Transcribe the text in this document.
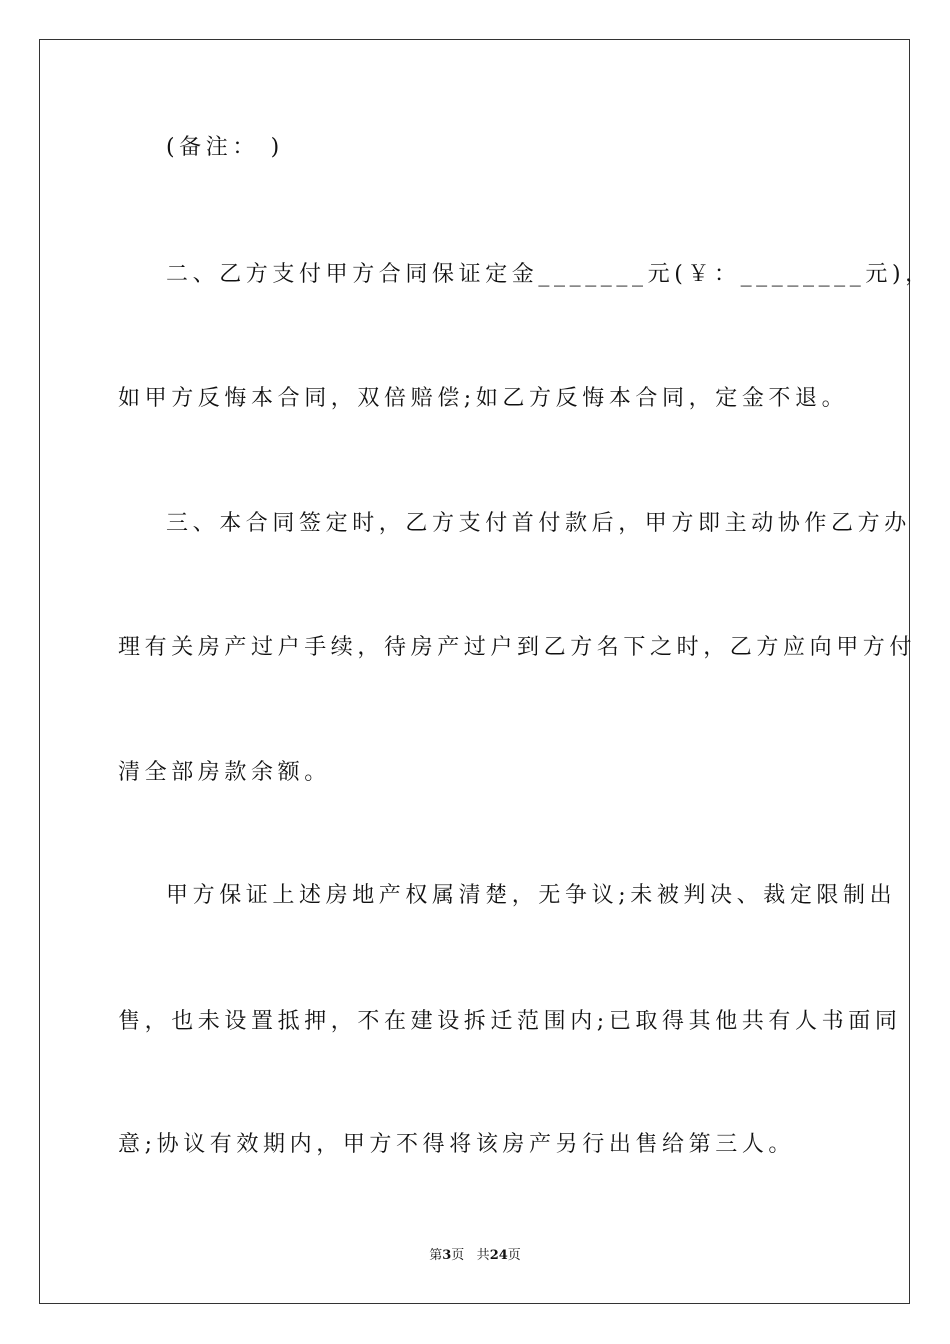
(备注： )
二、乙方支付甲方合同保证定金_______元(￥：________元)，
如甲方反悔本合同，双倍赔偿;如乙方反悔本合同，定金不退。
三、本合同签定时，乙方支付首付款后，甲方即主动协作乙方办
理有关房产过户手续，待房产过户到乙方名下之时，乙方应向甲方付
清全部房款余额。
甲方保证上述房地产权属清楚，无争议;未被判决、裁定限制出
售，也未设置抵押，不在建设拆迁范围内;已取得其他共有人书面同
意;协议有效期内，甲方不得将该房产另行出售给第三人。
第3页 共24页
